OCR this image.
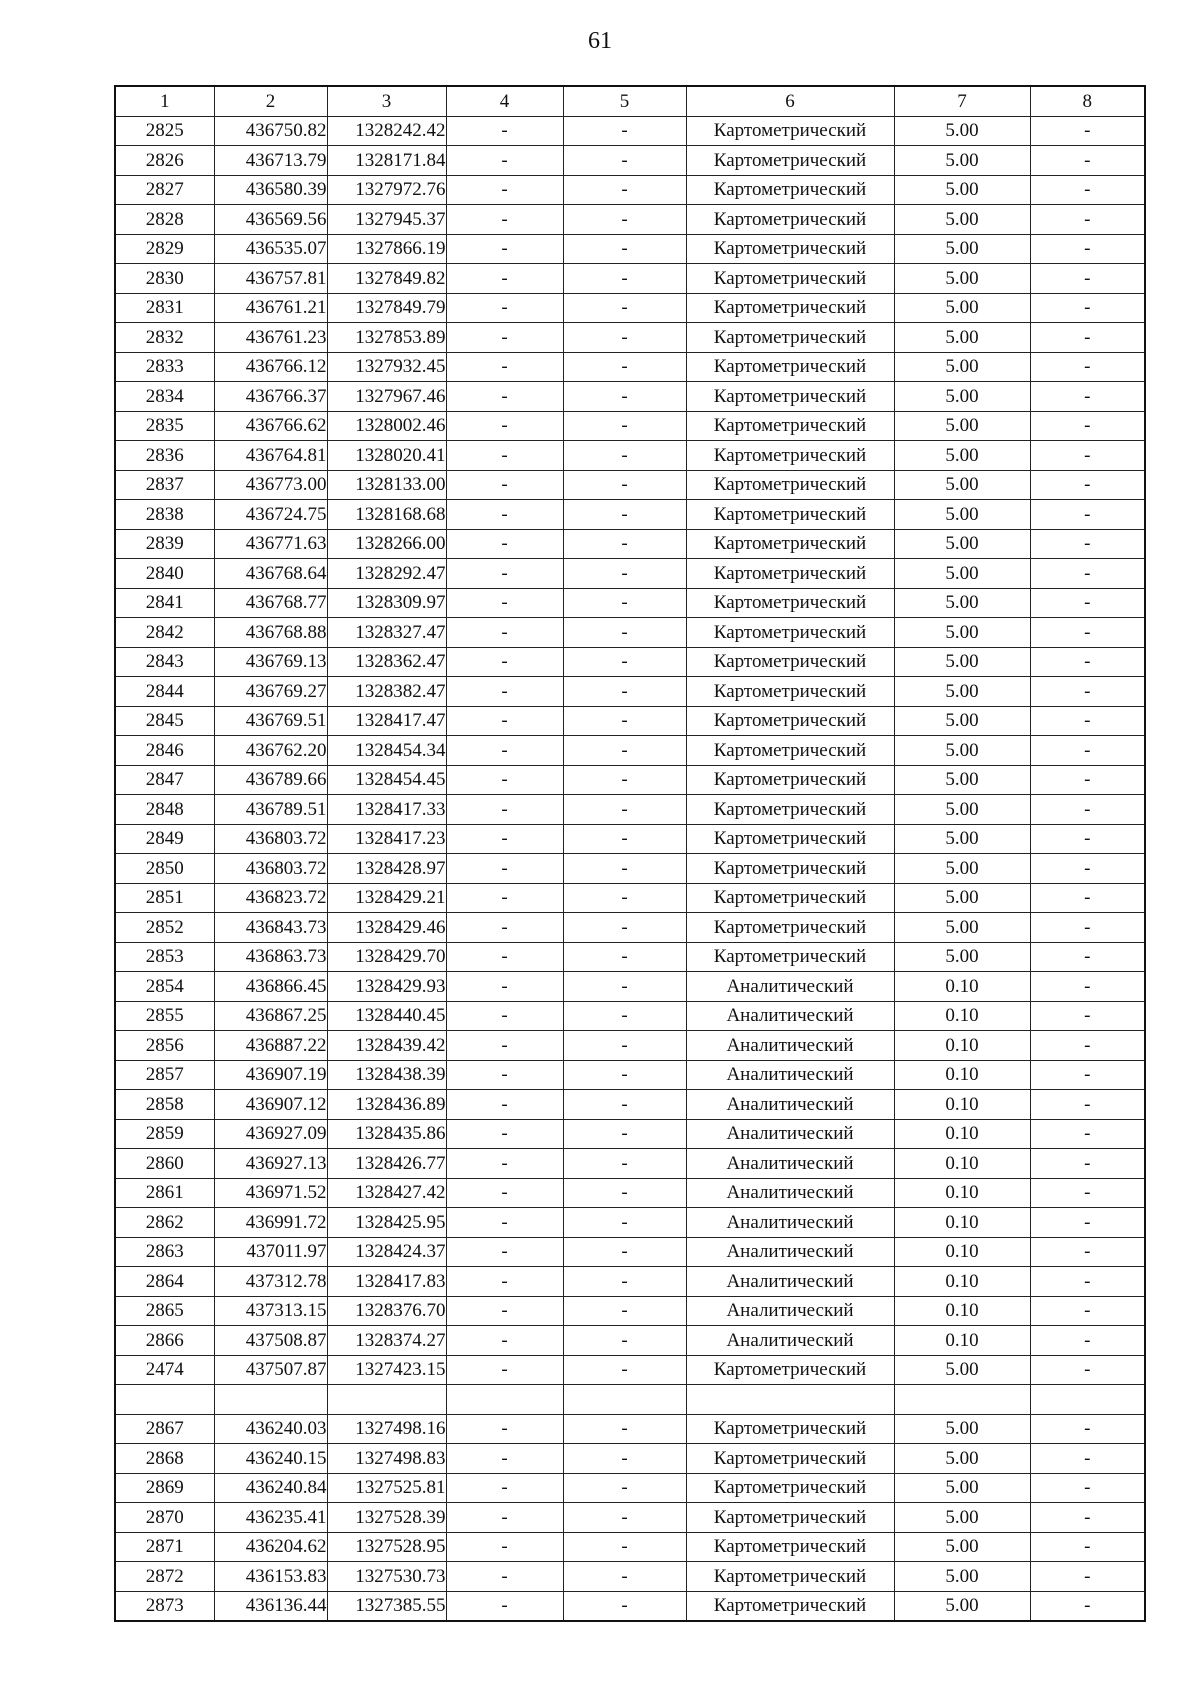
61
1	2	3	4	5	6	7	8
2825	436750.82	1328242.42	-	-	Картометрический	5.00	-
2826	436713.79	1328171.84	-	-	Картометрический	5.00	-
2827	436580.39	1327972.76	-	-	Картометрический	5.00	-
2828	436569.56	1327945.37	-	-	Картометрический	5.00	-
2829	436535.07	1327866.19	-	-	Картометрический	5.00	-
2830	436757.81	1327849.82	-	-	Картометрический	5.00	-
2831	436761.21	1327849.79	-	-	Картометрический	5.00	-
2832	436761.23	1327853.89	-	-	Картометрический	5.00	-
2833	436766.12	1327932.45	-	-	Картометрический	5.00	-
2834	436766.37	1327967.46	-	-	Картометрический	5.00	-
2835	436766.62	1328002.46	-	-	Картометрический	5.00	-
2836	436764.81	1328020.41	-	-	Картометрический	5.00	-
2837	436773.00	1328133.00	-	-	Картометрический	5.00	-
2838	436724.75	1328168.68	-	-	Картометрический	5.00	-
2839	436771.63	1328266.00	-	-	Картометрический	5.00	-
2840	436768.64	1328292.47	-	-	Картометрический	5.00	-
2841	436768.77	1328309.97	-	-	Картометрический	5.00	-
2842	436768.88	1328327.47	-	-	Картометрический	5.00	-
2843	436769.13	1328362.47	-	-	Картометрический	5.00	-
2844	436769.27	1328382.47	-	-	Картометрический	5.00	-
2845	436769.51	1328417.47	-	-	Картометрический	5.00	-
2846	436762.20	1328454.34	-	-	Картометрический	5.00	-
2847	436789.66	1328454.45	-	-	Картометрический	5.00	-
2848	436789.51	1328417.33	-	-	Картометрический	5.00	-
2849	436803.72	1328417.23	-	-	Картометрический	5.00	-
2850	436803.72	1328428.97	-	-	Картометрический	5.00	-
2851	436823.72	1328429.21	-	-	Картометрический	5.00	-
2852	436843.73	1328429.46	-	-	Картометрический	5.00	-
2853	436863.73	1328429.70	-	-	Картометрический	5.00	-
2854	436866.45	1328429.93	-	-	Аналитический	0.10	-
2855	436867.25	1328440.45	-	-	Аналитический	0.10	-
2856	436887.22	1328439.42	-	-	Аналитический	0.10	-
2857	436907.19	1328438.39	-	-	Аналитический	0.10	-
2858	436907.12	1328436.89	-	-	Аналитический	0.10	-
2859	436927.09	1328435.86	-	-	Аналитический	0.10	-
2860	436927.13	1328426.77	-	-	Аналитический	0.10	-
2861	436971.52	1328427.42	-	-	Аналитический	0.10	-
2862	436991.72	1328425.95	-	-	Аналитический	0.10	-
2863	437011.97	1328424.37	-	-	Аналитический	0.10	-
2864	437312.78	1328417.83	-	-	Аналитический	0.10	-
2865	437313.15	1328376.70	-	-	Аналитический	0.10	-
2866	437508.87	1328374.27	-	-	Аналитический	0.10	-
2474	437507.87	1327423.15	-	-	Картометрический	5.00	-

2867	436240.03	1327498.16	-	-	Картометрический	5.00	-
2868	436240.15	1327498.83	-	-	Картометрический	5.00	-
2869	436240.84	1327525.81	-	-	Картометрический	5.00	-
2870	436235.41	1327528.39	-	-	Картометрический	5.00	-
2871	436204.62	1327528.95	-	-	Картометрический	5.00	-
2872	436153.83	1327530.73	-	-	Картометрический	5.00	-
2873	436136.44	1327385.55	-	-	Картометрический	5.00	-
